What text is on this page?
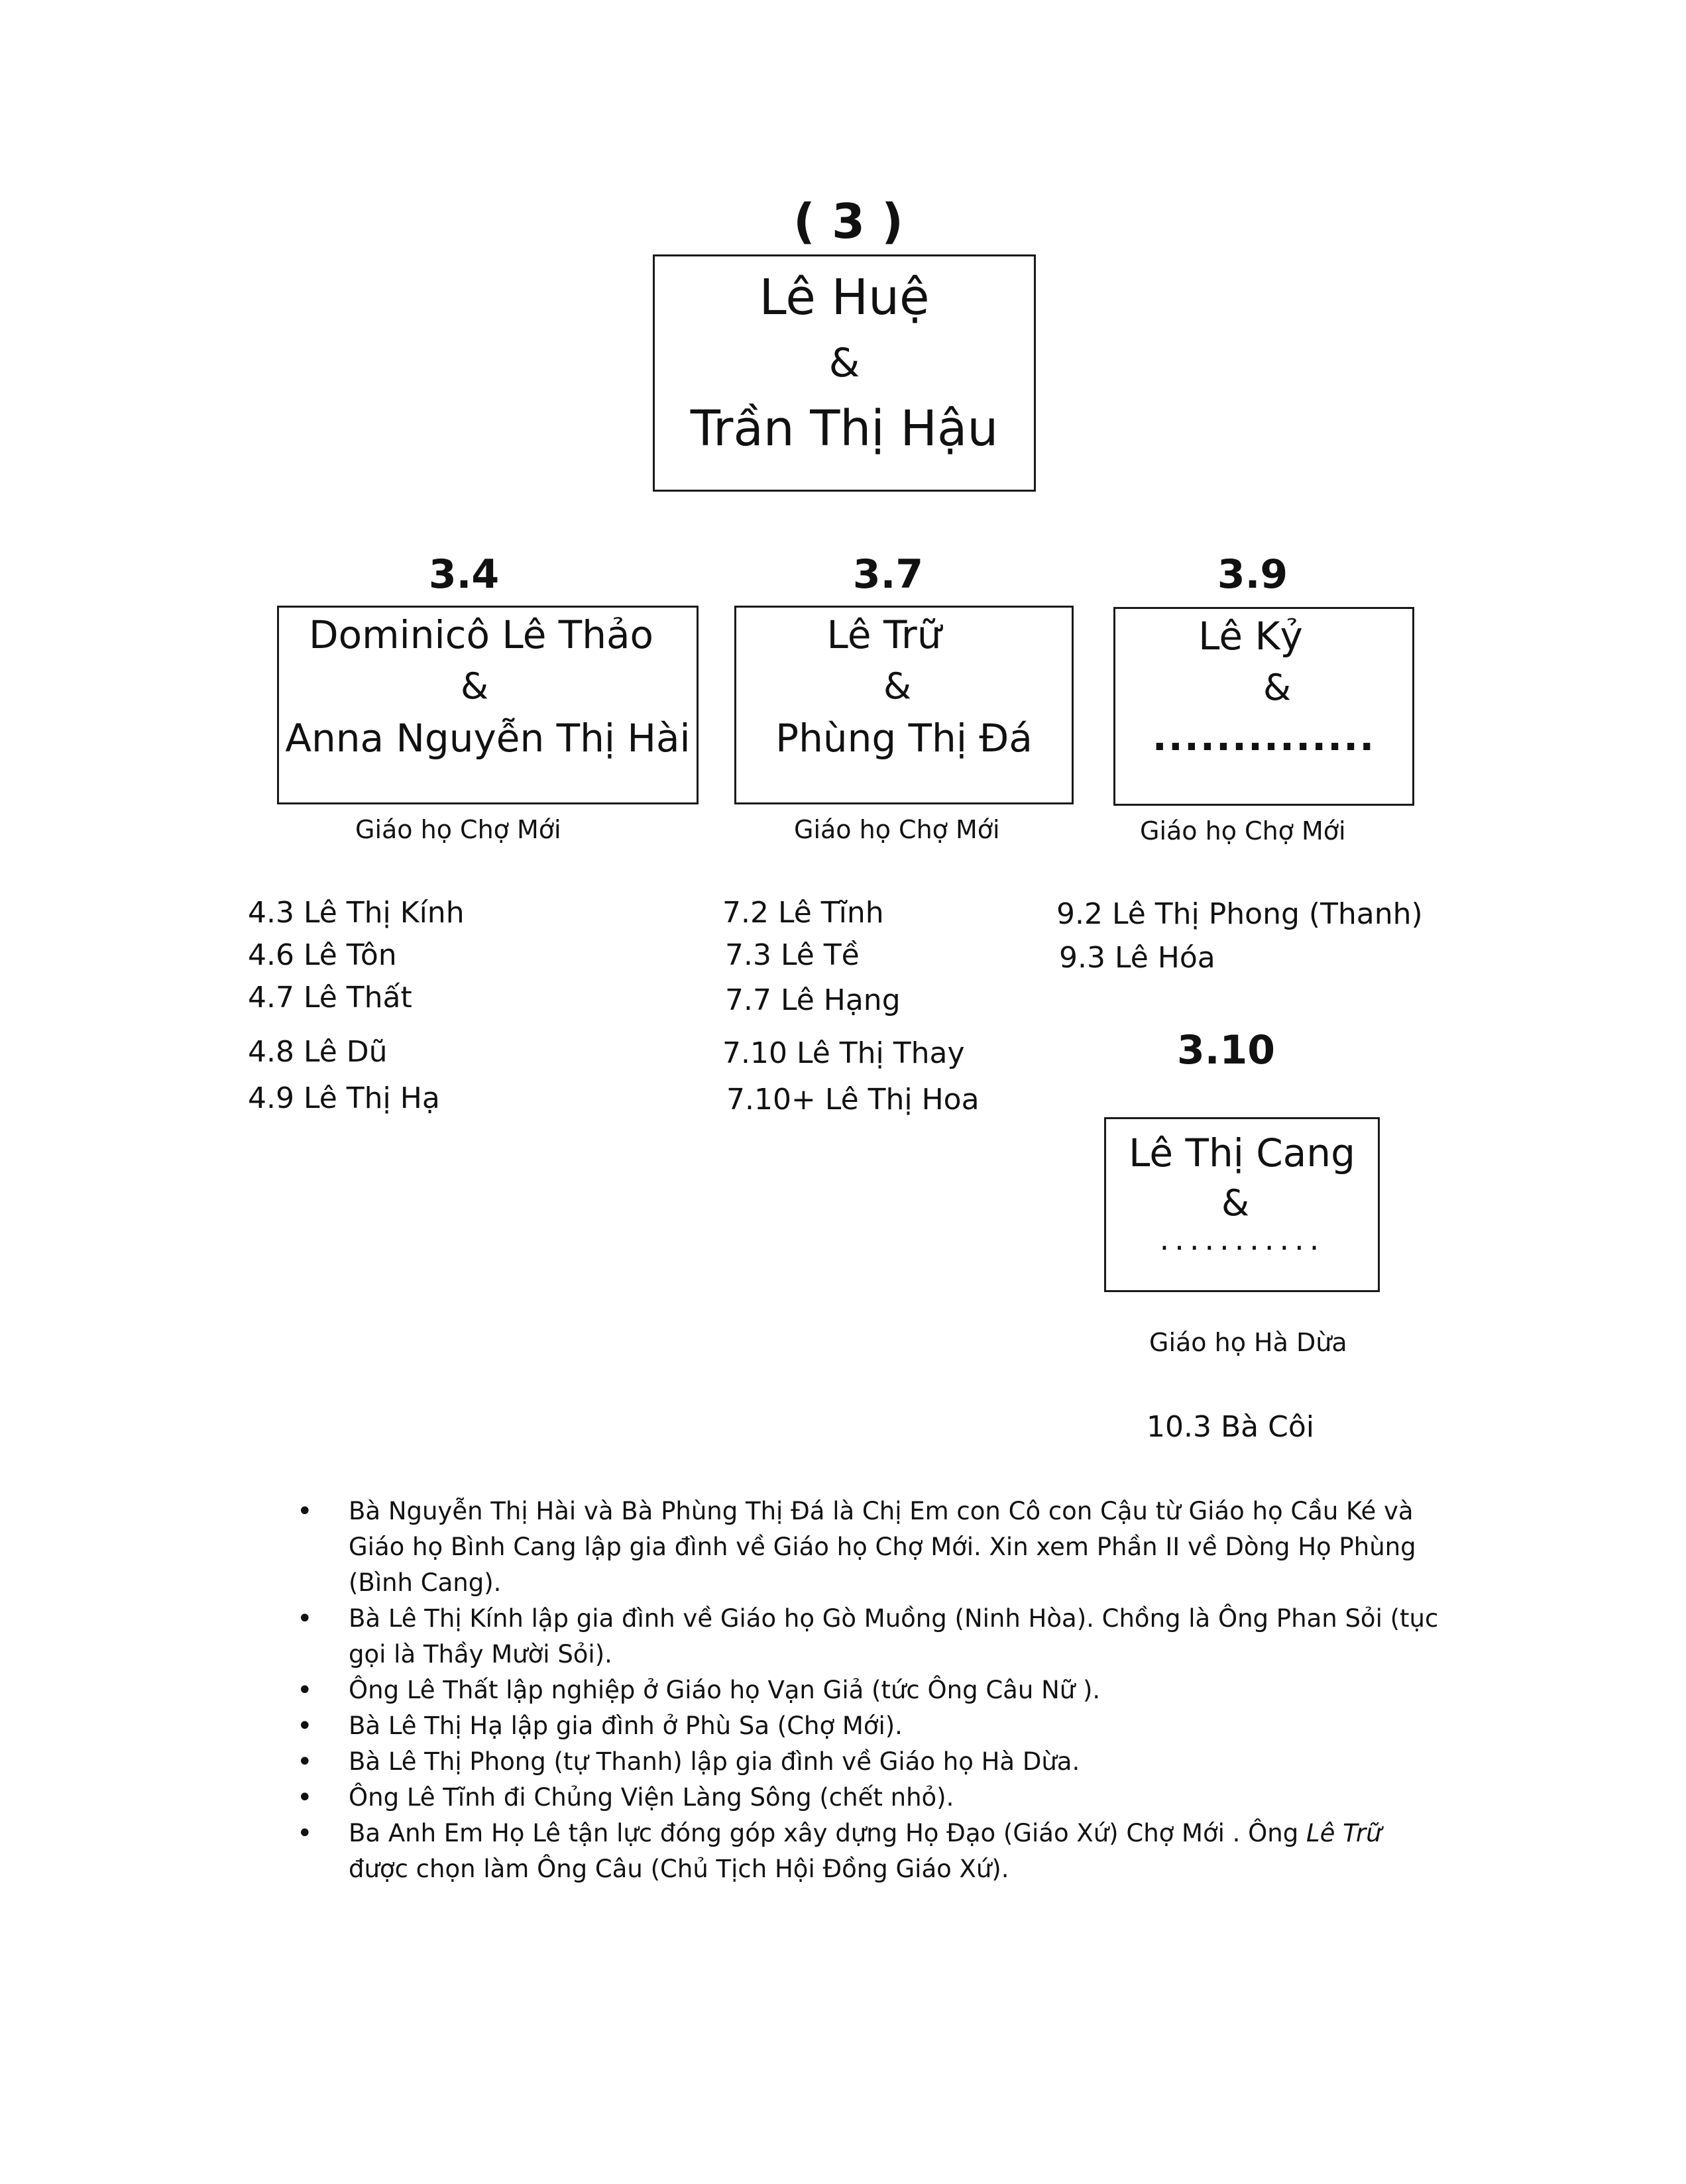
( 3 )
Lê Huệ
&
Trần Thị Hậu
3.4
Dominicô Lê Thảo
&
Anna Nguyễn Thị Hài
Giáo họ Chợ Mới
3.7
Lê Trữ
&
Phùng Thị Đá
Giáo họ Chợ Mới
3.9
Lê Kỷ
&
..............
Giáo họ Chợ Mới
4.3 Lê Thị Kính
4.6 Lê Tôn
4.7 Lê Thất
4.8 Lê Dũ
4.9 Lê Thị Hạ
7.2 Lê Tĩnh
7.3 Lê Tề
7.7 Lê Hạng
7.10 Lê Thị Thay
7.10+ Lê Thị Hoa
9.2 Lê Thị Phong (Thanh)
9.3 Lê Hóa
3.10
Lê Thị Cang
&
...........
Giáo họ Hà Dừa
10.3 Bà Côi
• Bà Nguyễn Thị Hài và Bà Phùng Thị Đá là Chị Em con Cô con Cậu từ Giáo họ Cầu Ké và Giáo họ Bình Cang lập gia đình về Giáo họ Chợ Mới. Xin xem Phần II về Dòng Họ Phùng (Bình Cang).
• Bà Lê Thị Kính lập gia đình về Giáo họ Gò Muồng (Ninh Hòa). Chồng là Ông Phan Sỏi (tục gọi là Thầy Mười Sỏi).
• Ông Lê Thất lập nghiệp ở Giáo họ Vạn Giả (tức Ông Câu Nữ ).
• Bà Lê Thị Hạ lập gia đình ở Phù Sa (Chợ Mới).
• Bà Lê Thị Phong (tự Thanh) lập gia đình về Giáo họ Hà Dừa.
• Ông Lê Tĩnh đi Chủng Viện Làng Sông (chết nhỏ).
• Ba Anh Em Họ Lê tận lực đóng góp xây dựng Họ Đạo (Giáo Xứ) Chợ Mới . Ông Lê Trữ được chọn làm Ông Câu (Chủ Tịch Hội Đồng Giáo Xứ).
